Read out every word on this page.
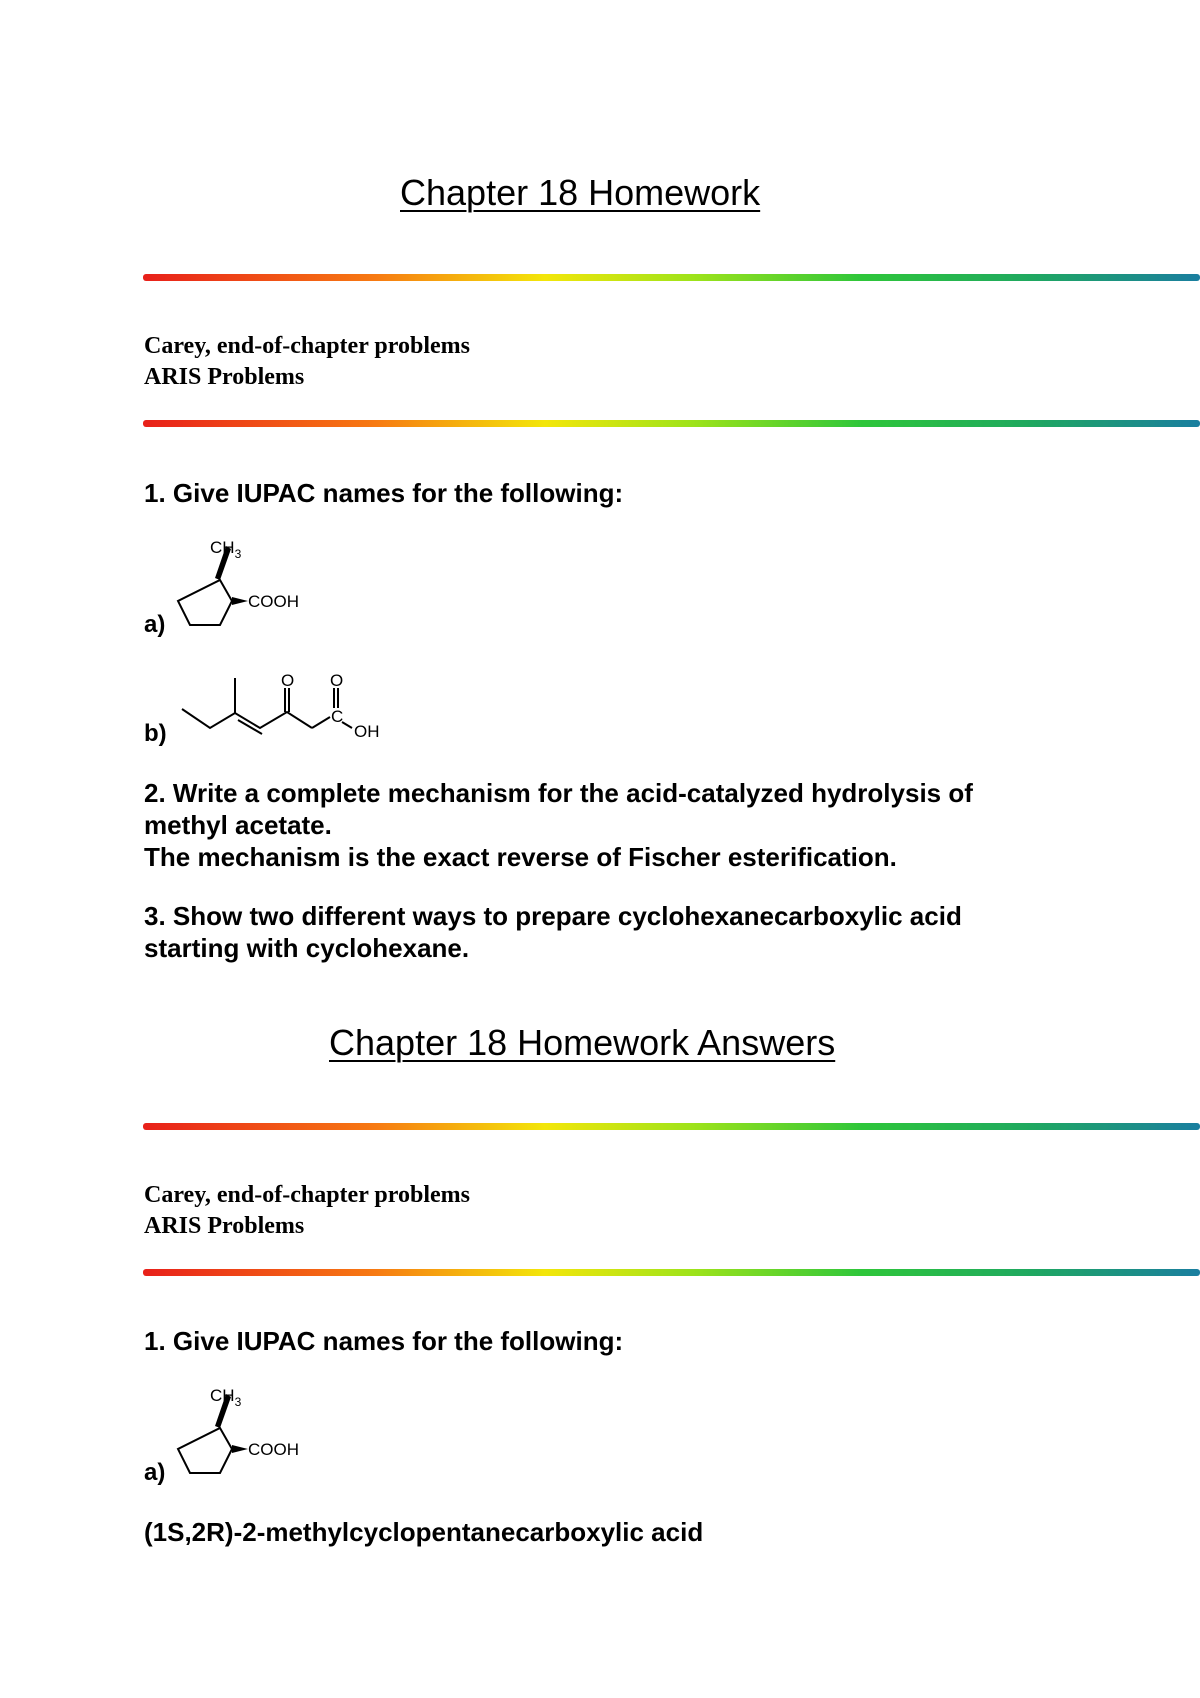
Chapter 18 Homework
Carey, end-of-chapter problems
ARIS Problems
1. Give IUPAC names for the following:
a)
$CH_3$
COOH
b)
O O
C
OH
2. Write a complete mechanism for the acid-catalyzed hydrolysis of
methyl acetate.
The mechanism is the exact reverse of Fischer esterification.
3. Show two different ways to prepare cyclohexanecarboxylic acid
starting with cyclohexane.
Chapter 18 Homework Answers
Carey, end-of-chapter problems
ARIS Problems
1. Give IUPAC names for the following:
a)
$CH_3$
COOH
(1S,2R)-2-methylcyclopentanecarboxylic acid
